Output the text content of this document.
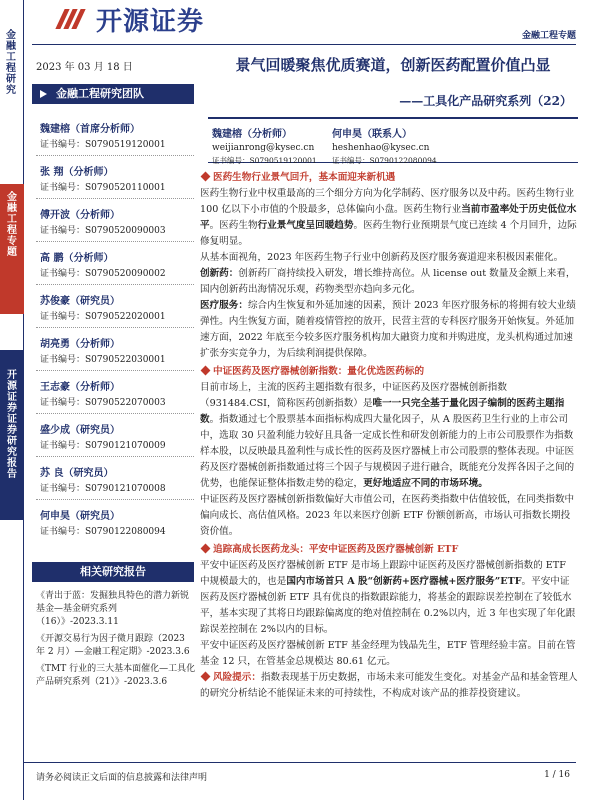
金融工程研究
金融工程专题
开源证券 证券研究报告
开源证券	金融工程专题
2023 年 03 月 18 日
金融工程研究团队
魏建榕（首席分析师）
证书编号：S0790519120001
张 翔（分析师）
证书编号：S0790520110001
傅开波（分析师）
证书编号：S0790520090003
高 鹏（分析师）
证书编号：S0790520090002
苏俊豪（研究员）
证书编号：S0790522020001
胡亮勇（分析师）
证书编号：S0790522030001
王志豪（分析师）
证书编号：S0790522070003
盛少成（研究员）
证书编号：S0790121070009
苏 良（研究员）
证书编号：S0790121070008
何申昊（研究员）
证书编号：S0790122080094
相关研究报告

《青出于蓝：发掘独具特色的潜力新锐基金—基金研究系列（16）》-2023.3.11

《开源交易行为因子微月跟踪（2023 年 2 月）—金融工程定期》-2023.3.6

《TMT 行业的三大基本面催化—工具化产品研究系列（21）》-2023.3.6

景气回暖聚焦优质赛道，创新医药配置价值凸显
——工具化产品研究系列（22）
魏建榕（分析师）
weijianrong@kysec.cn
证书编号：S0790519120001
何申昊（联系人）
heshenhao@kysec.cn
证书编号：S0790122080094
医药生物行业景气回升，基本面迎来新机遇
医药生物行业中权重最高的三个细分方向为化学制药、医疗服务以及中药。医药生物行业 100 亿以下小市值的个股最多，总体偏向小盘。医药生物行业当前市盈率处于历史低位水平。医药生物行业景气度呈回暖趋势。医药生物行业预期景气度已连续 4 个月回升，边际修复明显。
从基本面视角，2023 年医药生物子行业中创新药及医疗服务赛道迎来积极因素催化。
创新药：创新药厂商持续投入研发，增长维持高位。从 license out 数量及金额上来看，国内创新药出海情况乐观，药物类型亦趋向多元化。
医疗服务：综合内生恢复和外延加速的因素，预计 2023 年医疗服务标的将拥有较大业绩弹性。内生恢复方面，随着疫情管控的放开，民营主营的专科医疗服务开始恢复。外延加速方面，2022 年底至今较多医疗服务机构加大融资力度和并购进度，龙头机构通过加速扩张夯实竞争力，为后续利润提供保障。
中证医药及医疗器械创新指数：量化优选医药标的
目前市场上，主流的医药主题指数有很多，中证医药及医疗器械创新指数（931484.CSI，简称医药创新指数）是唯一一只完全基于量化因子编制的医药主题指数。指数通过七个股票基本面指标构成四大量化因子，从 A 股医药卫生行业的上市公司中，选取 30 只盈利能力较好且具备一定成长性和研发创新能力的上市公司股票作为指数样本股，以反映最具盈利性与成长性的医药及医疗器械上市公司股票的整体表现。中证医药及医疗器械创新指数通过将三个因子与规模因子进行融合，既能充分发挥各因子之间的优势，也能保证整体指数走势的稳定，更好地适应不同的市场环境。
中证医药及医疗器械创新指数偏好大市值公司，在医药类指数中估值较低，在同类指数中偏向成长、高估值风格。2023 年以来医疗创新 ETF 份额创新高，市场认可指数长期投资价值。
追踪高成长医药龙头：平安中证医药及医疗器械创新 ETF
平安中证医药及医疗器械创新 ETF 是市场上跟踪中证医药及医疗器械创新指数的 ETF 中规模最大的，也是国内市场首只 A 股“创新药+医疗器械+医疗服务”ETF。平安中证医药及医疗器械创新 ETF 具有优良的指数跟踪能力，将基金的跟踪误差控制在了较低水平，基本实现了其将日均跟踪偏离度的绝对值控制在 0.2%以内，近 3 年也实现了年化跟踪误差控制在 2%以内的目标。
平安中证医药及医疗器械创新 ETF 基金经理为钱晶先生，ETF 管理经验丰富。目前在管基金 12 只，在管基金总规模达 80.61 亿元。
风险提示：指数表现基于历史数据，市场未来可能发生变化。对基金产品和基金管理人的研究分析结论不能保证未来的可持续性，不构成对该产品的推荐投资建议。
请务必阅读正文后面的信息披露和法律声明	1 / 16
